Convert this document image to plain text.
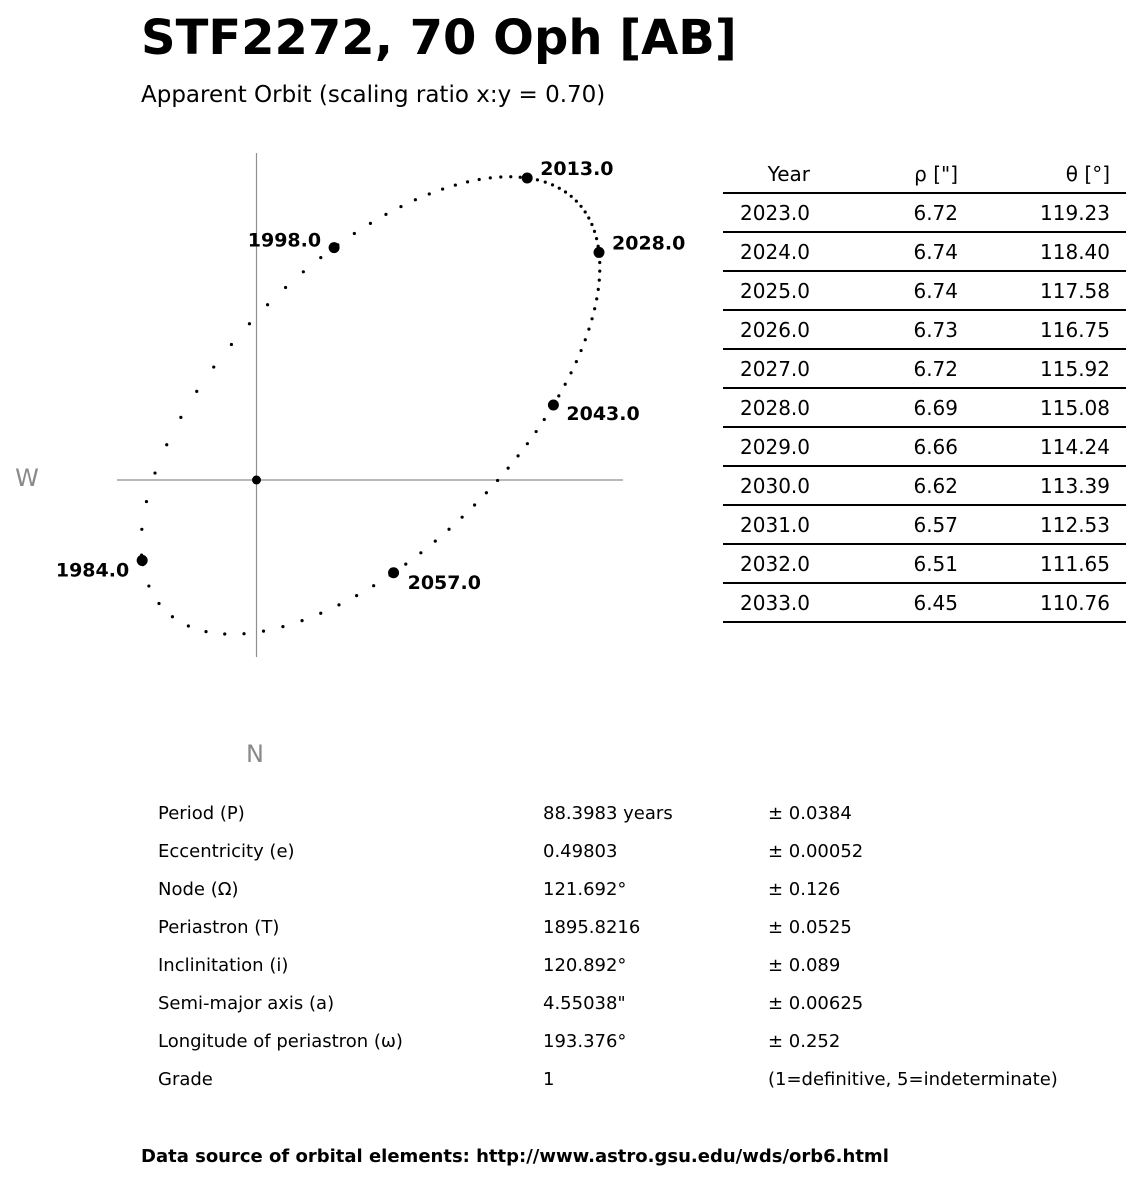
STF2272, 70 Oph [AB]
Apparent Orbit (scaling ratio x:y = 0.70)
W
N
1984.0
1998.0
2013.0
2028.0
2043.0
2057.0
Year	ρ ["]	θ [°]
2023.0	6.72	119.23
2024.0	6.74	118.40
2025.0	6.74	117.58
2026.0	6.73	116.75
2027.0	6.72	115.92
2028.0	6.69	115.08
2029.0	6.66	114.24
2030.0	6.62	113.39
2031.0	6.57	112.53
2032.0	6.51	111.65
2033.0	6.45	110.76
Period (P)	88.3983 years	± 0.0384
Eccentricity (e)	0.49803	± 0.00052
Node (Ω)	121.692°	± 0.126
Periastron (T)	1895.8216	± 0.0525
Inclinitation (i)	120.892°	± 0.089
Semi-major axis (a)	4.55038"	± 0.00625
Longitude of periastron (ω)	193.376°	± 0.252
Grade	1	(1=definitive, 5=indeterminate)
Data source of orbital elements: http://www.astro.gsu.edu/wds/orb6.html
